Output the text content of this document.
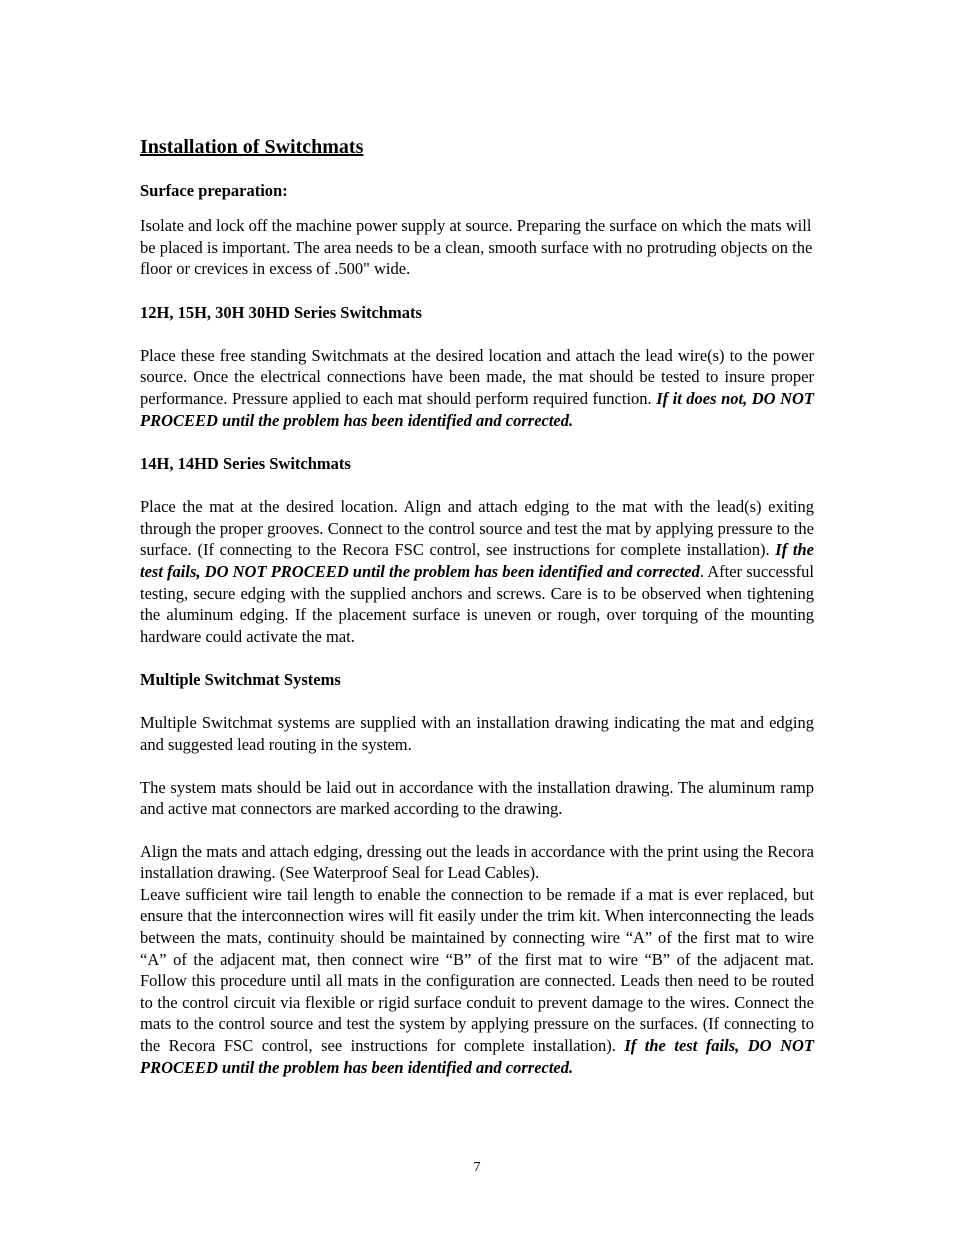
Installation of Switchmats
Surface preparation:

Isolate and lock off the machine power supply at source. Preparing the surface on which the mats will be placed is important. The area needs to be a clean, smooth surface with no protruding objects on the floor or crevices in excess of .500" wide.

12H, 15H, 30H 30HD Series Switchmats

Place these free standing Switchmats at the desired location and attach the lead wire(s) to the power source. Once the electrical connections have been made, the mat should be tested to insure proper performance. Pressure applied to each mat should perform required function. If it does not, DO NOT PROCEED until the problem has been identified and corrected.

14H, 14HD Series Switchmats

Place the mat at the desired location. Align and attach edging to the mat with the lead(s) exiting through the proper grooves. Connect to the control source and test the mat by applying pressure to the surface. (If connecting to the Recora FSC control, see instructions for complete installation). If the test fails, DO NOT PROCEED until the problem has been identified and corrected. After successful testing, secure edging with the supplied anchors and screws. Care is to be observed when tightening the aluminum edging. If the placement surface is uneven or rough, over torquing of the mounting hardware could activate the mat.

Multiple Switchmat Systems

Multiple Switchmat systems are supplied with an installation drawing indicating the mat and edging and suggested lead routing in the system.

The system mats should be laid out in accordance with the installation drawing. The aluminum ramp and active mat connectors are marked according to the drawing.

Align the mats and attach edging, dressing out the leads in accordance with the print using the Recora installation drawing. (See Waterproof Seal for Lead Cables).

Leave sufficient wire tail length to enable the connection to be remade if a mat is ever replaced, but ensure that the interconnection wires will fit easily under the trim kit. When interconnecting the leads between the mats, continuity should be maintained by connecting wire “A” of the first mat to wire “A” of the adjacent mat, then connect wire “B” of the first mat to wire “B” of the adjacent mat. Follow this procedure until all mats in the configuration are connected. Leads then need to be routed to the control circuit via flexible or rigid surface conduit to prevent damage to the wires. Connect the mats to the control source and test the system by applying pressure on the surfaces. (If connecting to the Recora FSC control, see instructions for complete installation). If the test fails, DO NOT PROCEED until the problem has been identified and corrected.

7
